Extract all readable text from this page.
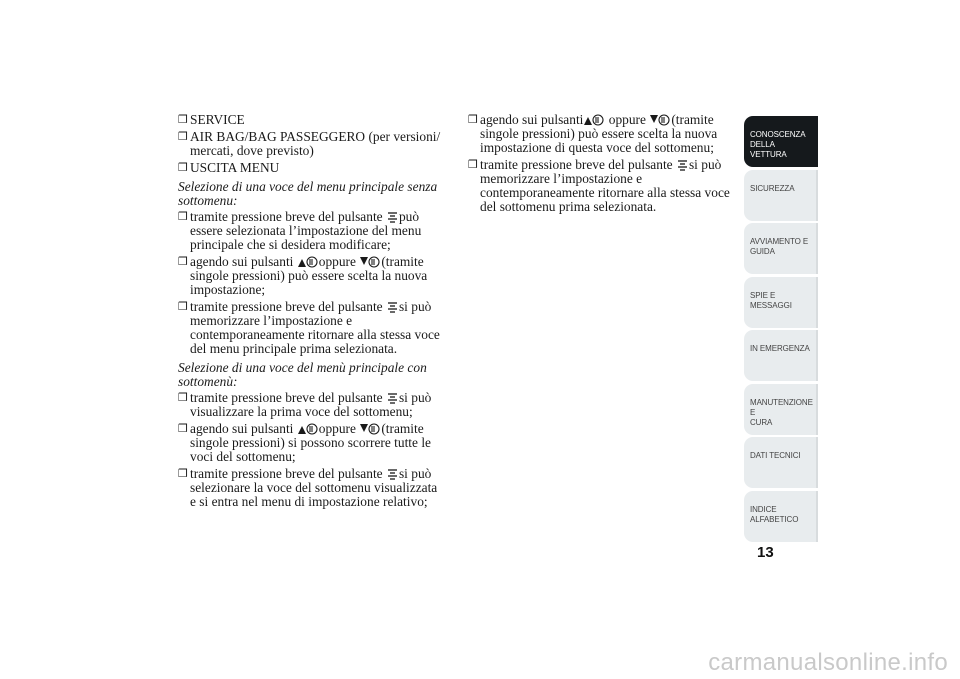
❒ SERVICE
❒ AIR BAG/BAG PASSEGGERO (per versioni/
mercati, dove previsto)
❒ USCITA MENU
Selezione di una voce del menu principale senza
sottomenu:
❒ tramite pressione breve del pulsante può
essere selezionata l’impostazione del menu
principale che si desidera modificare;
❒ agendo sui pulsanti oppure (tramite
singole pressioni) può essere scelta la nuova
impostazione;
❒ tramite pressione breve del pulsante si può
memorizzare l’impostazione e
contemporaneamente ritornare alla stessa voce
del menu principale prima selezionata.
Selezione di una voce del menù principale con
sottomenù:
❒ tramite pressione breve del pulsante si può
visualizzare la prima voce del sottomenu;
❒ agendo sui pulsanti oppure (tramite
singole pressioni) si possono scorrere tutte le
voci del sottomenu;
❒ tramite pressione breve del pulsante si può
selezionare la voce del sottomenu visualizzata
e si entra nel menu di impostazione relativo;
❒ agendo sui pulsanti oppure (tramite
singole pressioni) può essere scelta la nuova
impostazione di questa voce del sottomenu;
❒ tramite pressione breve del pulsante si può
memorizzare l’impostazione e
contemporaneamente ritornare alla stessa voce
del sottomenu prima selezionata.
CONOSCENZA
DELLA VETTURA
SICUREZZA

AVVIAMENTO E
GUIDA
SPIE E MESSAGGI

IN EMERGENZA

MANUTENZIONE E
CURA
DATI TECNICI

INDICE
ALFABETICO
13
carmanualsonline.info
